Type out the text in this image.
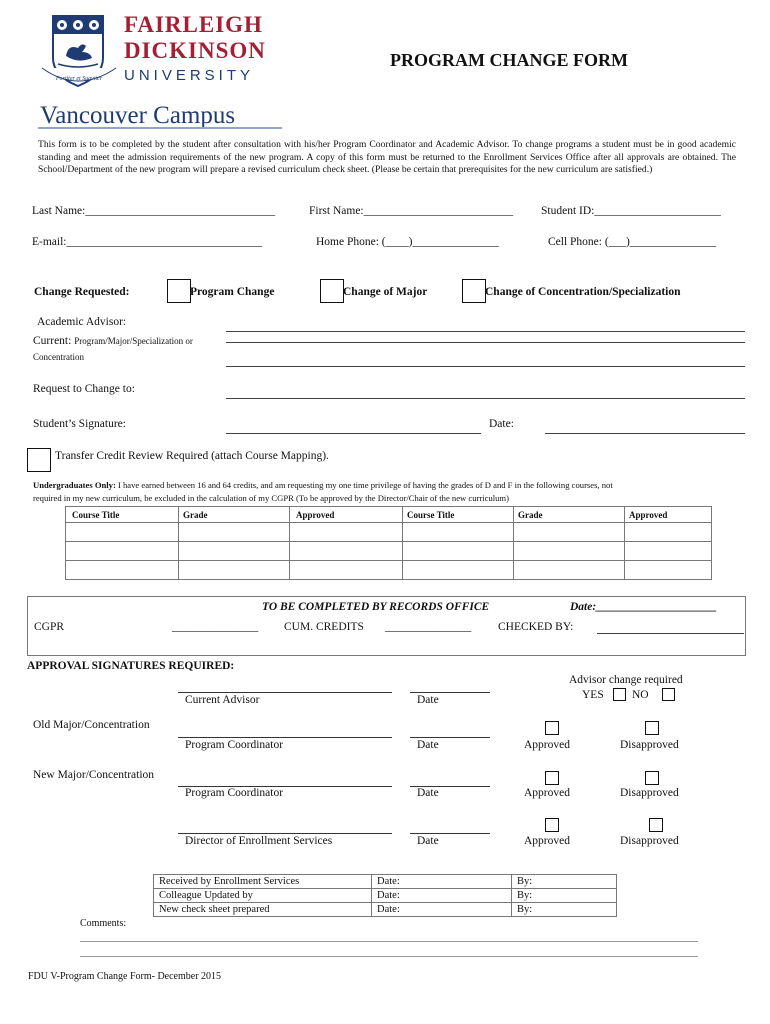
Fortiter et Suaviter
FAIRLEIGH
DICKINSON
UNIVERSITY
Vancouver Campus
PROGRAM CHANGE FORM
This form is to be completed by the student after consultation with his/her Program Coordinator and Academic Advisor. To change programs a student must be in good academic standing and meet the admission requirements of the new program. A copy of this form must be returned to the Enrollment Services Office after all approvals are obtained. The School/Department of the new program will prepare a revised curriculum check sheet. (Please be certain that prerequisites for the new curriculum are satisfied.)
Last Name:_________________________________	First Name:__________________________ Student ID:______________________
E-mail:__________________________________	Home Phone: (____)_______________	Cell Phone: (___)_______________
Change Requested:	Program Change	Change of Major	Change of Concentration/Specialization
Academic Advisor:
Current: Program/Major/Specialization or
Concentration
Request to Change to:
Student’s Signature:	Date:
Transfer Credit Review Required (attach Course Mapping).
Undergraduates Only: I have earned between 16 and 64 credits, and am requesting my one time privilege of having the grades of D and F in the following courses, not
required in my new curriculum, be excluded in the calculation of my CGPR (To be approved by the Director/Chair of the new curriculum)
Course Title	Grade	Approved	Course Title	Grade	Approved

TO BE COMPLETED BY RECORDS OFFICE	Date:_____________________
CGPR	_______________ CUM. CREDITS _______________ CHECKED BY:
APPROVAL SIGNATURES REQUIRED:
Advisor change required
YES NO
Current Advisor	Date
Old Major/Concentration
Program Coordinator	Date	Approved	Disapproved
New Major/Concentration
Program Coordinator	Date	Approved	Disapproved
Director of Enrollment Services	Date	Approved	Disapproved
Received by Enrollment Services	Date:	By:
Colleague Updated by	Date:	By:
New check sheet prepared	Date:	By:
Comments:
FDU V-Program Change Form- December 2015
